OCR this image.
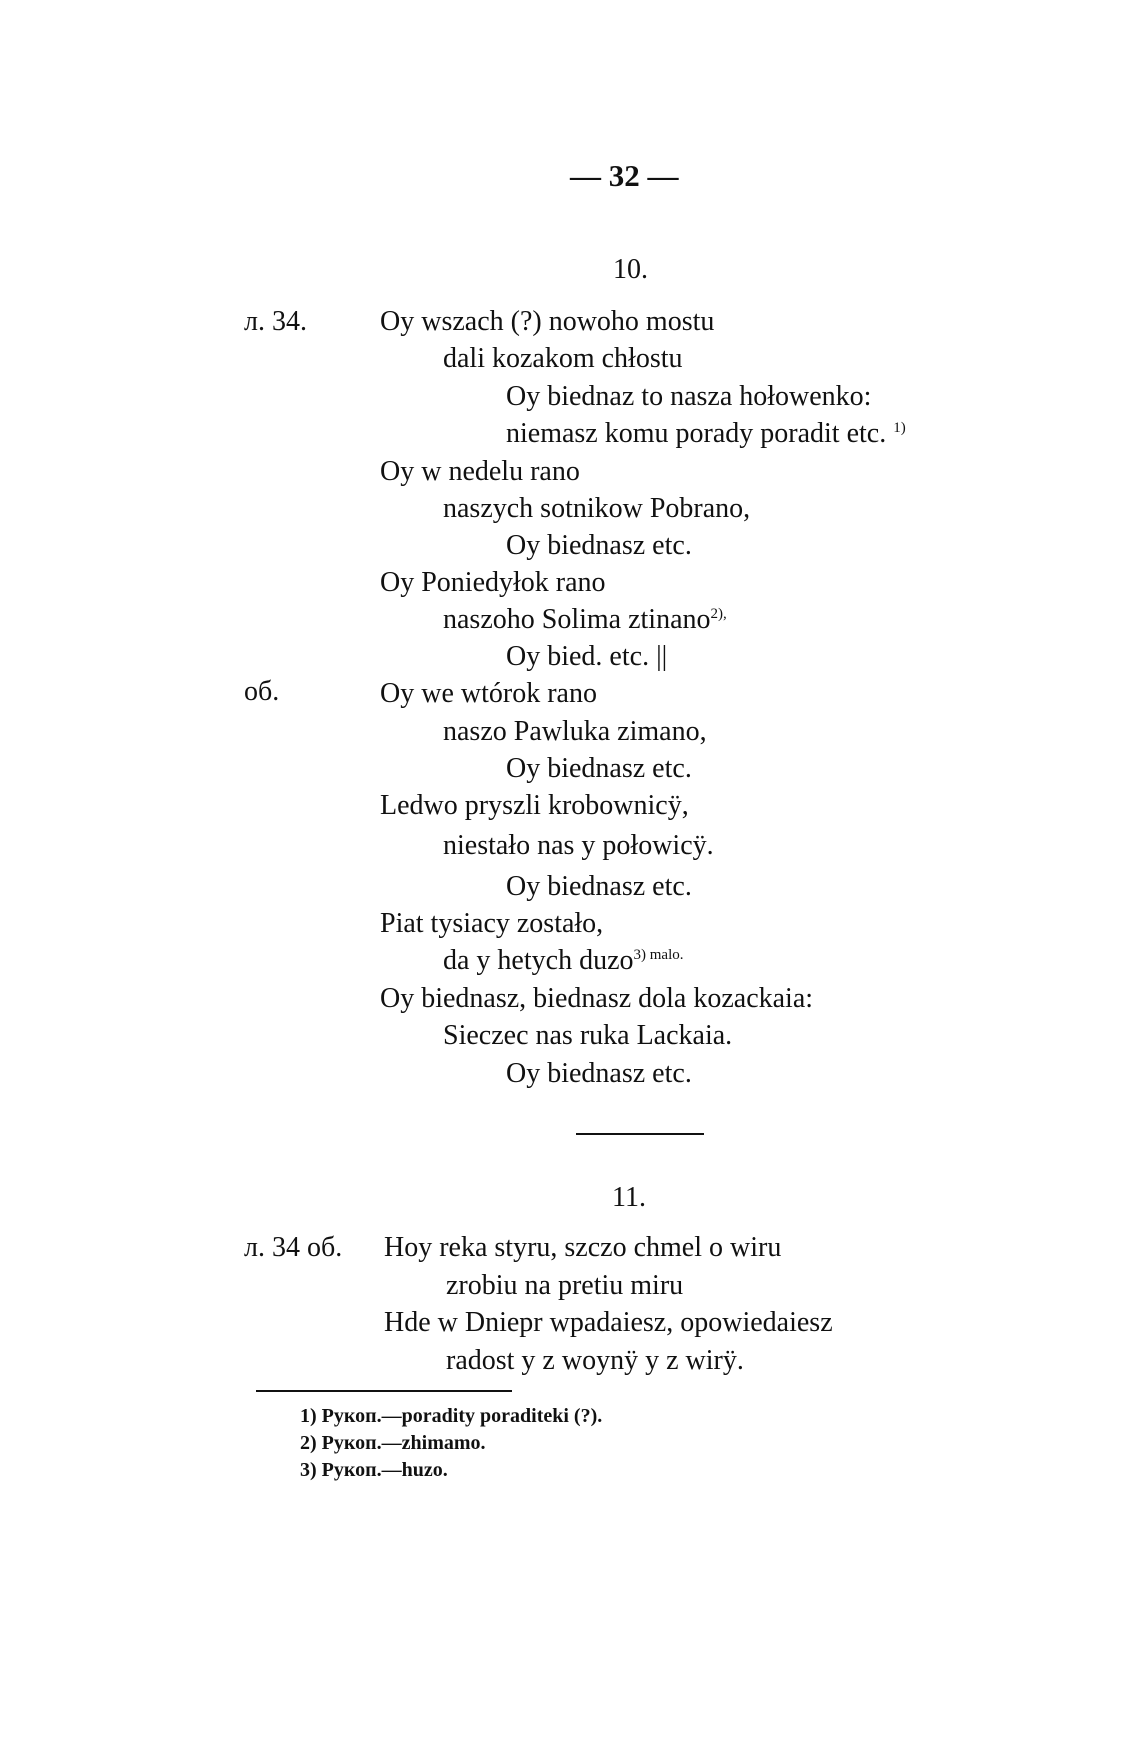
— 32 —
10.
л. 34.
об.
Oy wszach (?) nowoho mostu
dali kozakom chłostu
Oy biednaz to nasza hołowenko:
niemasz komu porady poradit etc. $^{1)}$
Oy w nedelu rano
naszych sotnikow Pobrano,
Oy biednasz etc.
Oy Poniedyłok rano
naszoho Solima ztinano$^{2),}$
Oy bied. etc. ||
Oy we wtórok rano
naszo Pawluka zimano,
Oy biednasz etc.
Ledwo pryszli krobownicÿ,
niestało nas y połowicÿ.
Oy biednasz etc.
Piat tysiacy zostało,
da y hetych duzo$^{3) malo.}$
Oy biednasz, biednasz dola kozackaia:
Sieczec nas ruka Lackaia.
Oy biednasz etc.
11.
л. 34 об. Hoy reka styru, szczo chmel o wiru
zrobiu na pretiu miru
Hde w Dniepr wpadaiesz, opowiedaiesz
radost y z woynÿ y z wirÿ.
1) Рукоп.—poradity poraditeki (?).
2) Рукоп.—zhimamo.
3) Рукоп.—huzo.
